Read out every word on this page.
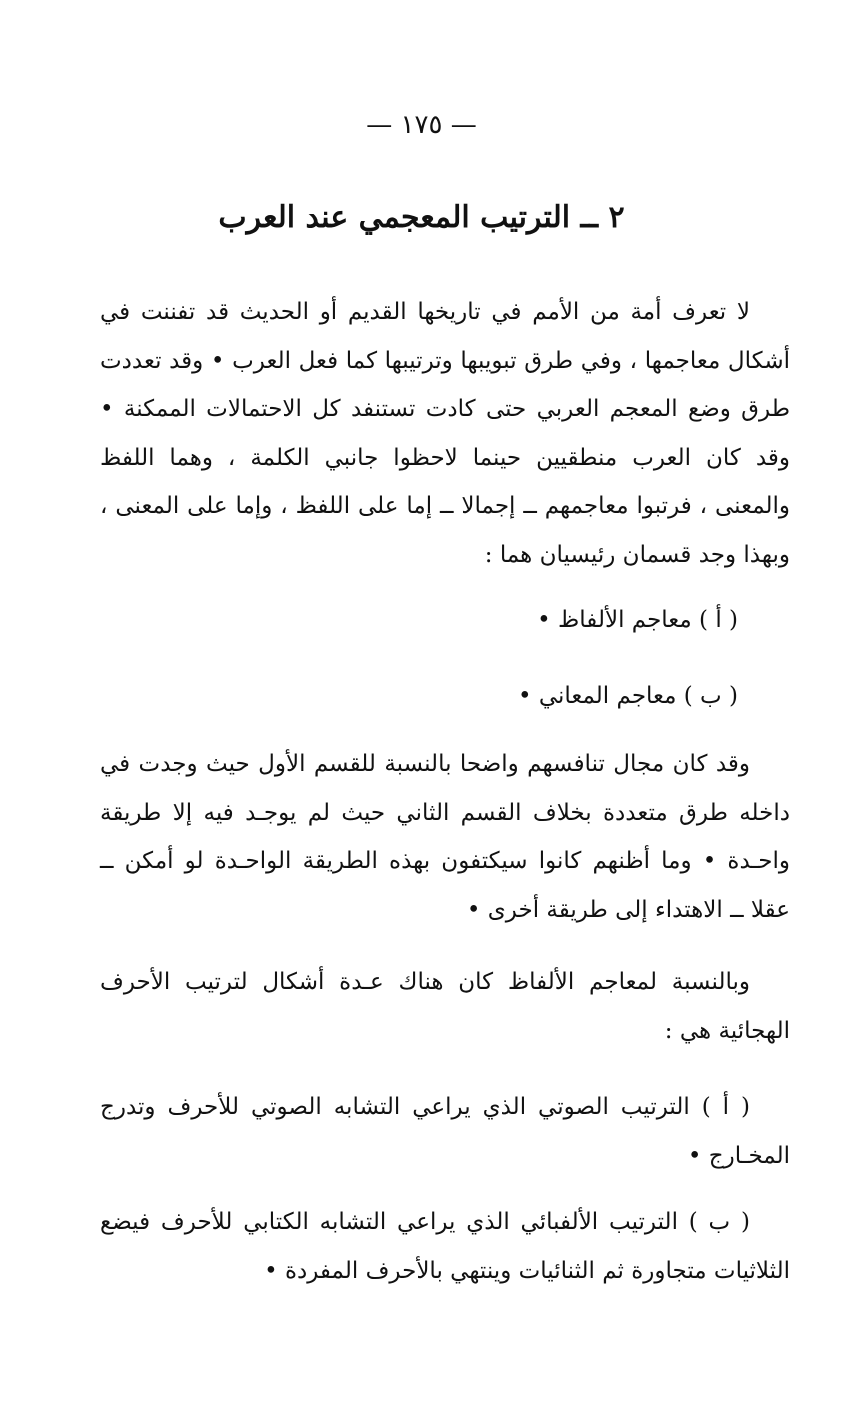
— ١٧٥ —
٢ ــ الترتيب المعجمي عند العرب

لا تعرف أمة من الأمم في تاريخها القديم أو الحديث قد تفننت في أشكال معاجمها ، وفي طرق تبويبها وترتيبها كما فعل العرب • وقد تعددت طرق وضع المعجم العربي حتى كادت تستنفد كل الاحتمالات الممكنة • وقد كان العرب منطقيين حينما لاحظوا جانبي الكلمة ، وهما اللفظ والمعنى ، فرتبوا معاجمهم ــ إجمالا ــ إما على اللفظ ، وإما على المعنى ، وبهذا وجد قسمان رئيسيان هما :

( أ ) معاجم الألفاظ •

( ب ) معاجم المعاني •

وقد كان مجال تنافسهم واضحا بالنسبة للقسم الأول حيث وجدت في داخله طرق متعددة بخلاف القسم الثاني حيث لم يوجـد فيه إلا طريقة واحـدة • وما أظنهم كانوا سيكتفون بهذه الطريقة الواحـدة لو أمكن ــ عقلا ــ الاهتداء إلى طريقة أخرى •

وبالنسبة لمعاجم الألفاظ كان هناك عـدة أشكال لترتيب الأحرف الهجائية هي :

( أ ) الترتيب الصوتي الذي يراعي التشابه الصوتي للأحرف وتدرج المخـارج •

( ب ) الترتيب الألفبائي الذي يراعي التشابه الكتابي للأحرف فيضع الثلاثيات متجاورة ثم الثنائيات وينتهي بالأحرف المفردة •
